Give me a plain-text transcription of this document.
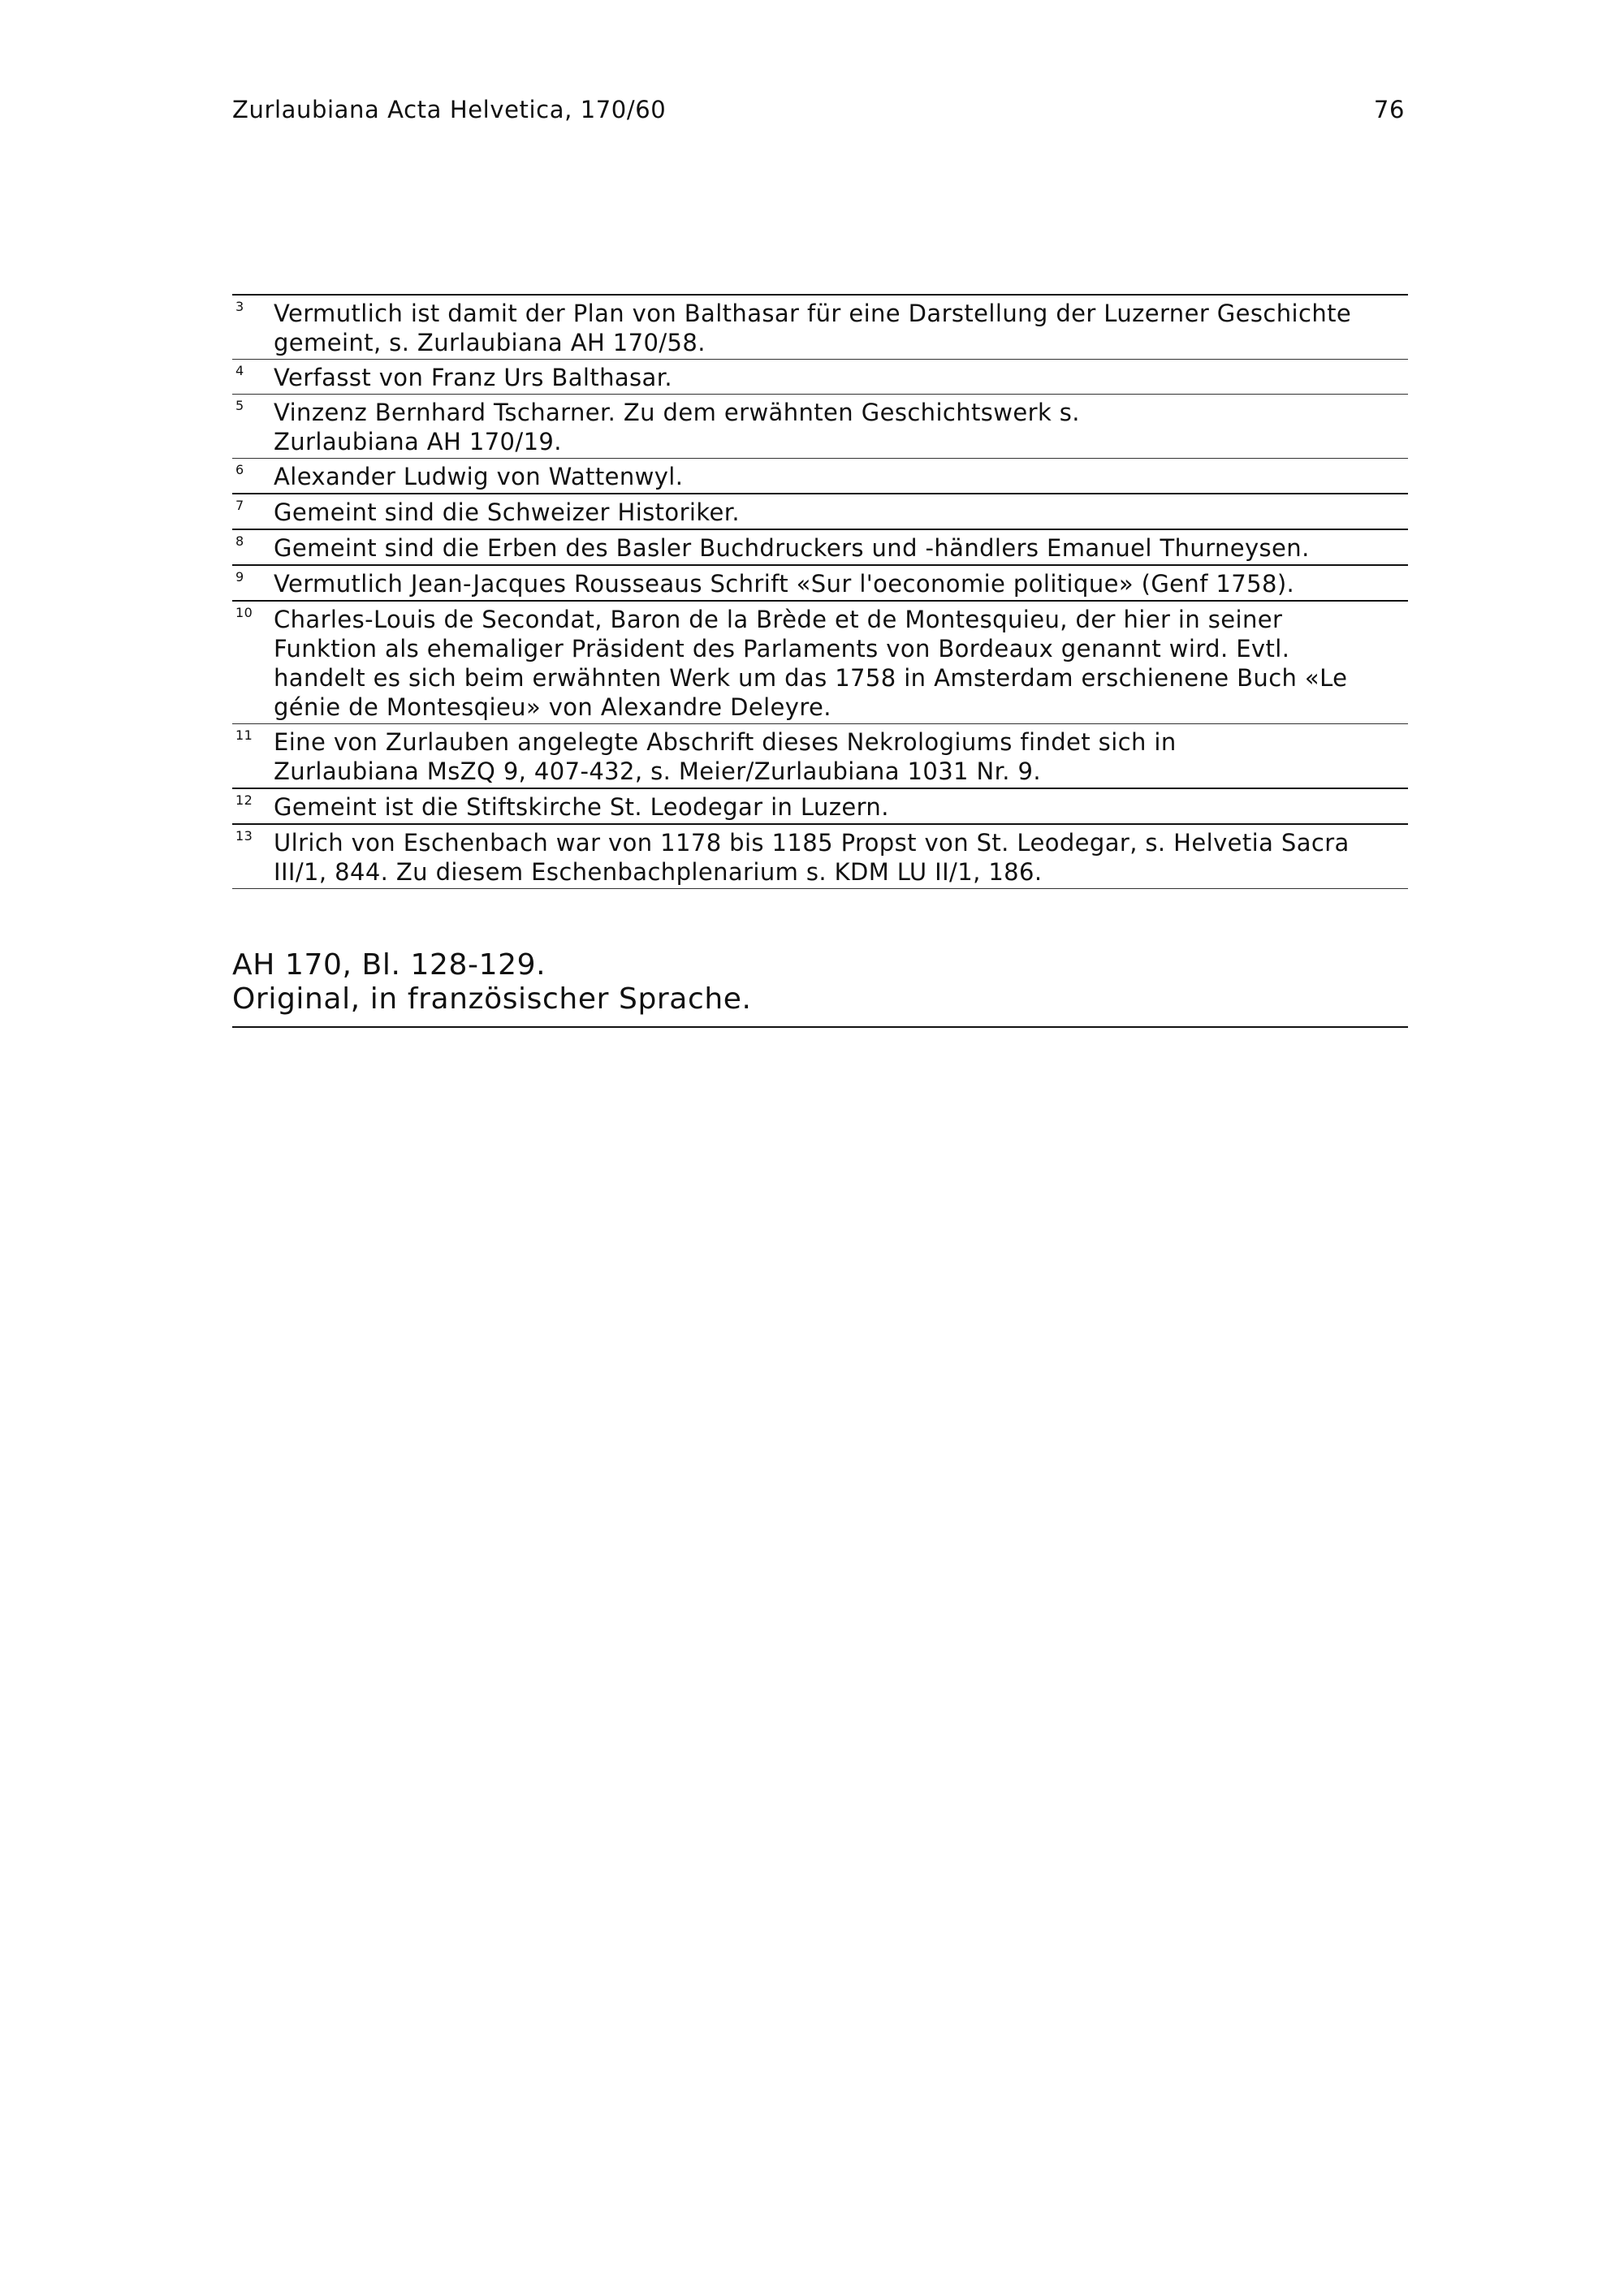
Zurlaubiana Acta Helvetica, 170/60	76
3 Vermutlich ist damit der Plan von Balthasar für eine Darstellung der Luzerner Geschichte
gemeint, s. Zurlaubiana AH 170/58.
4 Verfasst von Franz Urs Balthasar.
5 Vinzenz Bernhard Tscharner. Zu dem erwähnten Geschichtswerk s.
Zurlaubiana AH 170/19.
6 Alexander Ludwig von Wattenwyl.
7 Gemeint sind die Schweizer Historiker.
8 Gemeint sind die Erben des Basler Buchdruckers und -händlers Emanuel Thurneysen.
9 Vermutlich Jean-Jacques Rousseaus Schrift «Sur l'oeconomie politique» (Genf 1758).
10 Charles-Louis de Secondat, Baron de la Brède et de Montesquieu, der hier in seiner
Funktion als ehemaliger Präsident des Parlaments von Bordeaux genannt wird. Evtl.
handelt es sich beim erwähnten Werk um das 1758 in Amsterdam erschienene Buch «Le
génie de Montesqieu» von Alexandre Deleyre.
11 Eine von Zurlauben angelegte Abschrift dieses Nekrologiums findet sich in
Zurlaubiana MsZQ 9, 407-432, s. Meier/Zurlaubiana 1031 Nr. 9.
12 Gemeint ist die Stiftskirche St. Leodegar in Luzern.
13 Ulrich von Eschenbach war von 1178 bis 1185 Propst von St. Leodegar, s. Helvetia Sacra
III/1, 844. Zu diesem Eschenbachplenarium s. KDM LU II/1, 186.
AH 170, Bl. 128-129.
Original, in französischer Sprache.
